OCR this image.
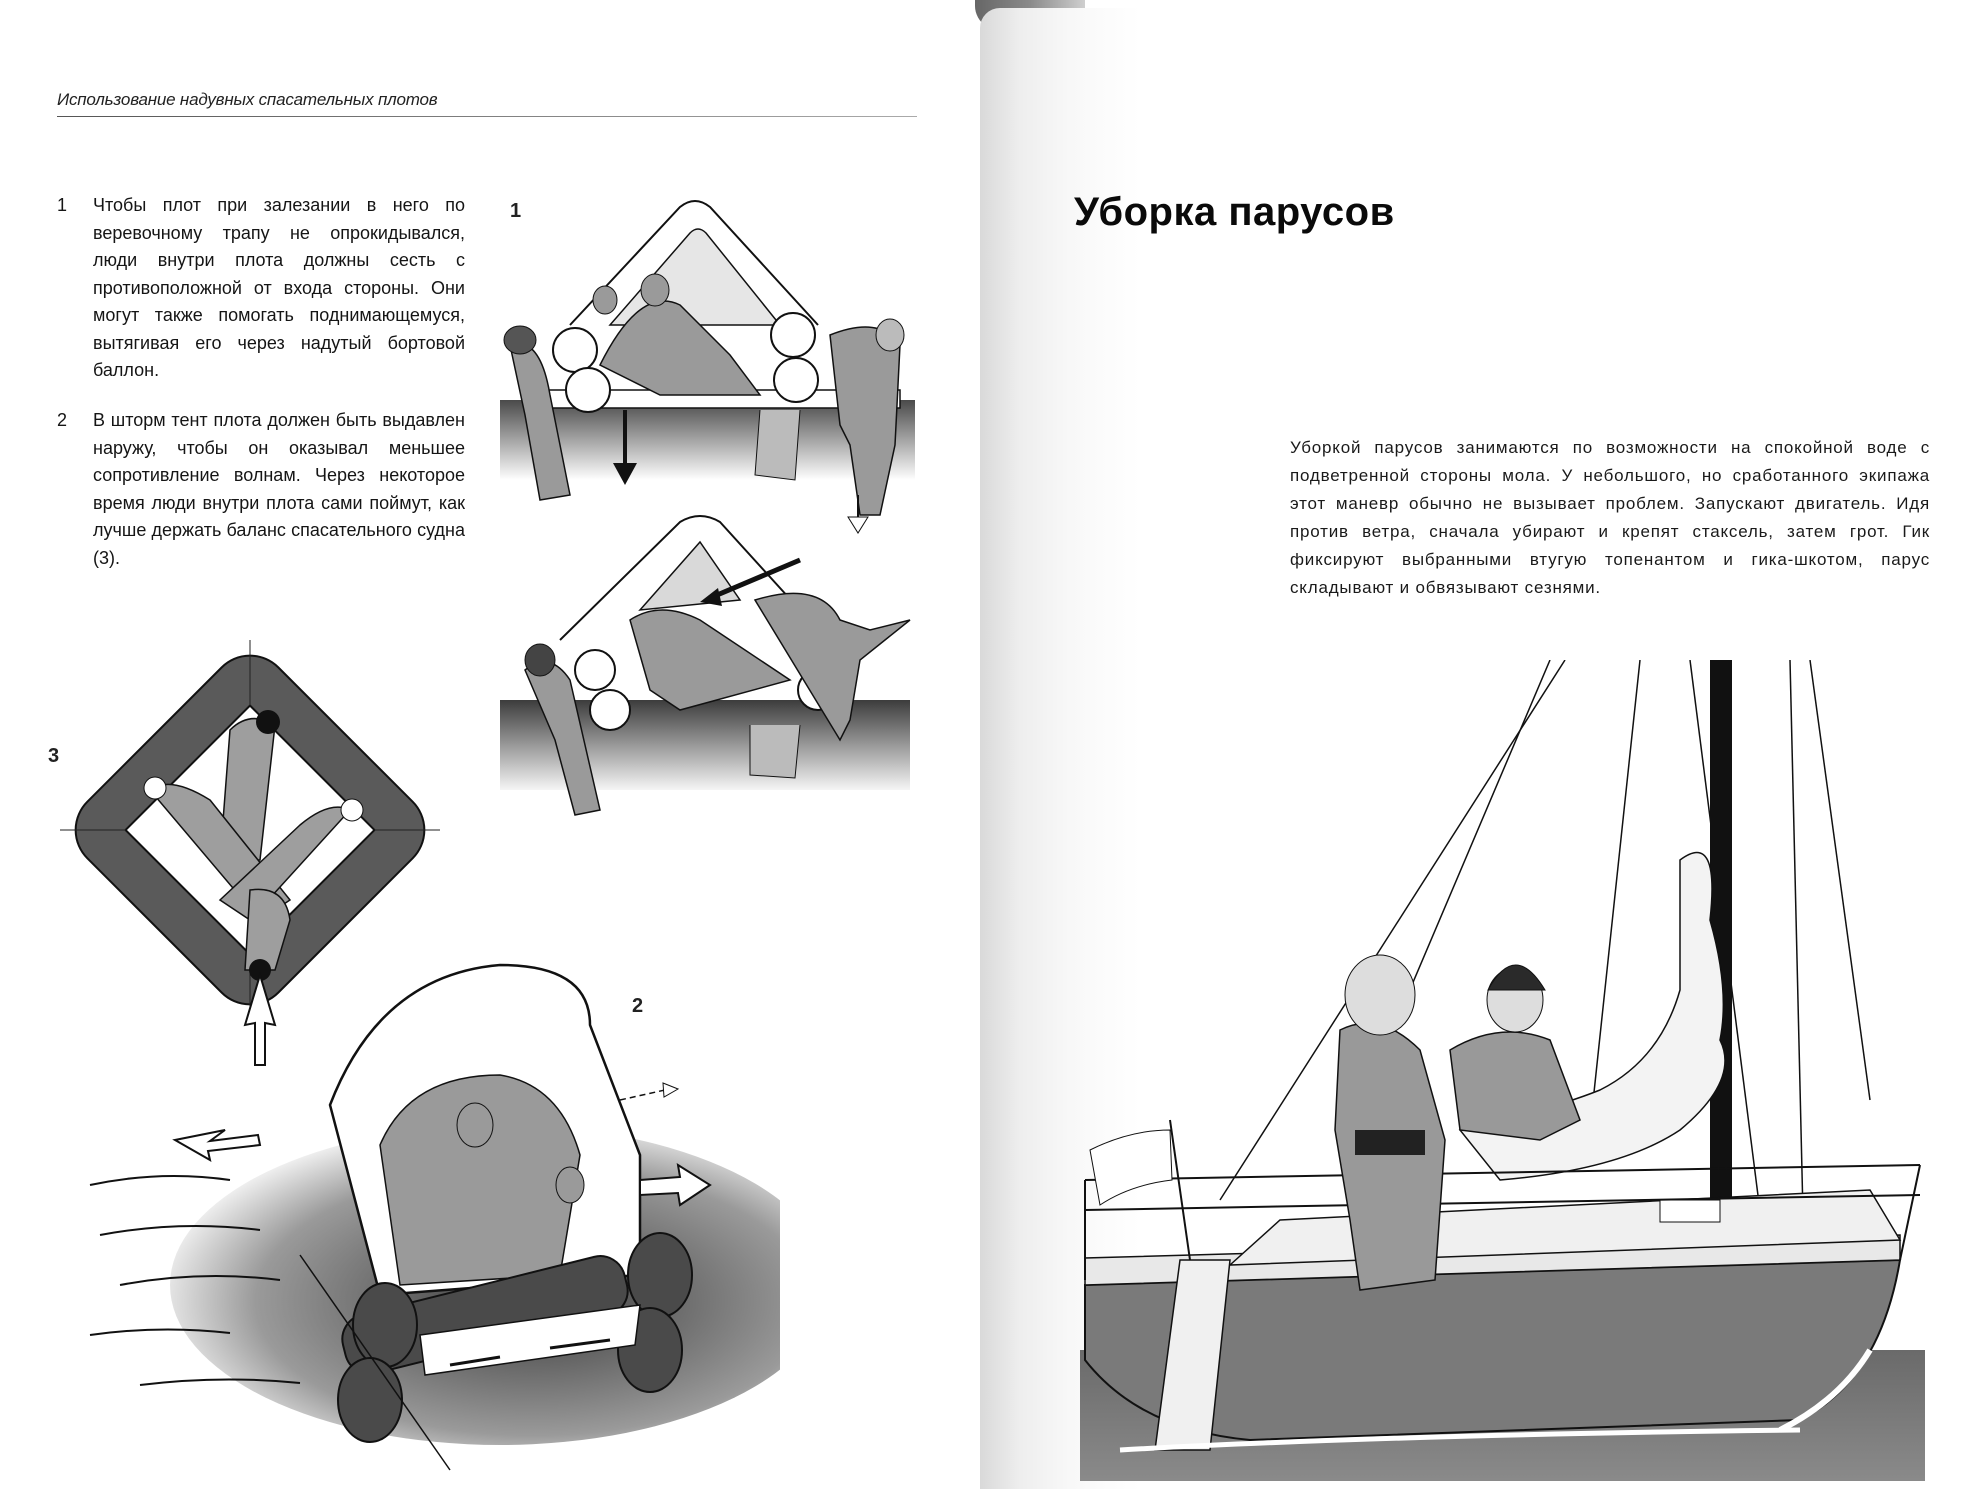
Использование надувных спасательных плотов
1 Чтобы плот при залезании в него по веревочному трапу не опрокидывался, люди внутри плота должны сесть с противоположной от входа стороны. Они могут также помогать поднимающемуся, вытягивая его через надутый бортовой баллон.
2 В шторм тент плота должен быть выдавлен наружу, чтобы он оказывал меньшее сопротивление волнам. Через некоторое время люди внутри плота сами поймут, как лучше держать баланс спасательного судна (3).
1
3
2
Уборка парусов
Уборкой парусов занимаются по возможности на спокойной воде с подветренной стороны мола. У небольшого, но сработанного экипажа этот маневр обычно не вызывает проблем. Запускают двигатель. Идя против ветра, сначала убирают и крепят стаксель, затем грот. Гик фиксируют выбранными втугую топенантом и гика-шкотом, парус складывают и обвязывают сезнями.
